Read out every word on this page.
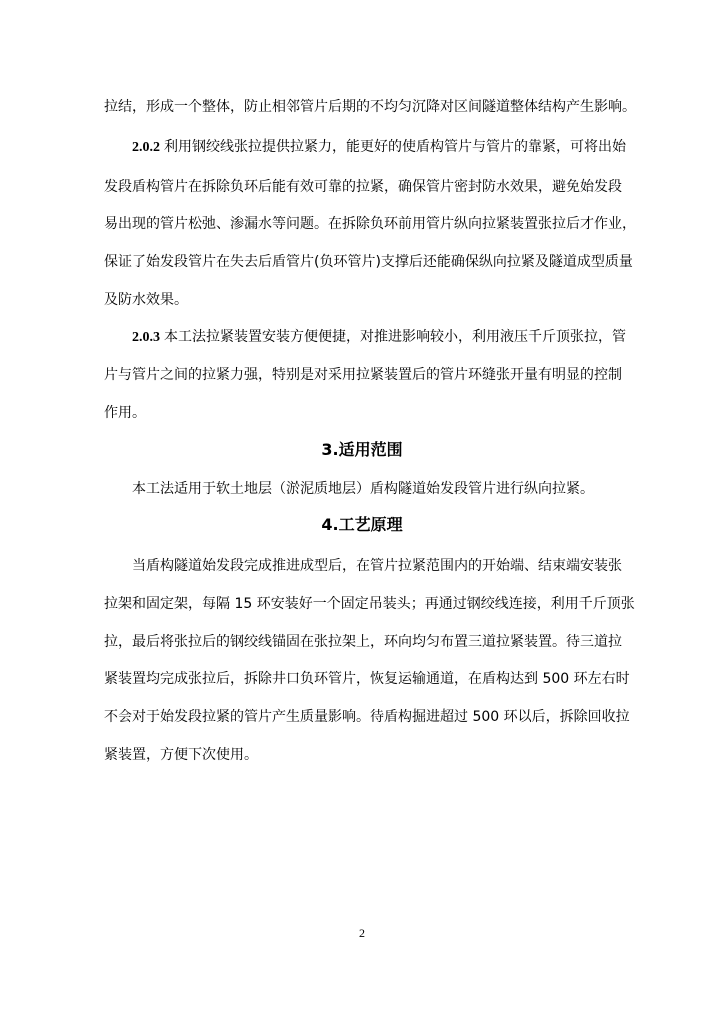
拉结，形成一个整体，防止相邻管片后期的不均匀沉降对区间隧道整体结构产生影响。
2.0.2 利用钢绞线张拉提供拉紧力，能更好的使盾构管片与管片的靠紧，可将出始
发段盾构管片在拆除负环后能有效可靠的拉紧，确保管片密封防水效果，避免始发段
易出现的管片松弛、渗漏水等问题。在拆除负环前用管片纵向拉紧装置张拉后才作业，
保证了始发段管片在失去后盾管片(负环管片)支撑后还能确保纵向拉紧及隧道成型质量
及防水效果。
2.0.3 本工法拉紧装置安装方便便捷，对推进影响较小，利用液压千斤顶张拉，管
片与管片之间的拉紧力强，特别是对采用拉紧装置后的管片环缝张开量有明显的控制
作用。
3.适用范围
本工法适用于软土地层（淤泥质地层）盾构隧道始发段管片进行纵向拉紧。
4.工艺原理
当盾构隧道始发段完成推进成型后，在管片拉紧范围内的开始端、结束端安装张
拉架和固定架，每隔 15 环安装好一个固定吊装头；再通过钢绞线连接，利用千斤顶张
拉，最后将张拉后的钢绞线锚固在张拉架上，环向均匀布置三道拉紧装置。待三道拉
紧装置均完成张拉后，拆除井口负环管片，恢复运输通道，在盾构达到 500 环左右时
不会对于始发段拉紧的管片产生质量影响。待盾构掘进超过 500 环以后，拆除回收拉
紧装置，方便下次使用。
2
